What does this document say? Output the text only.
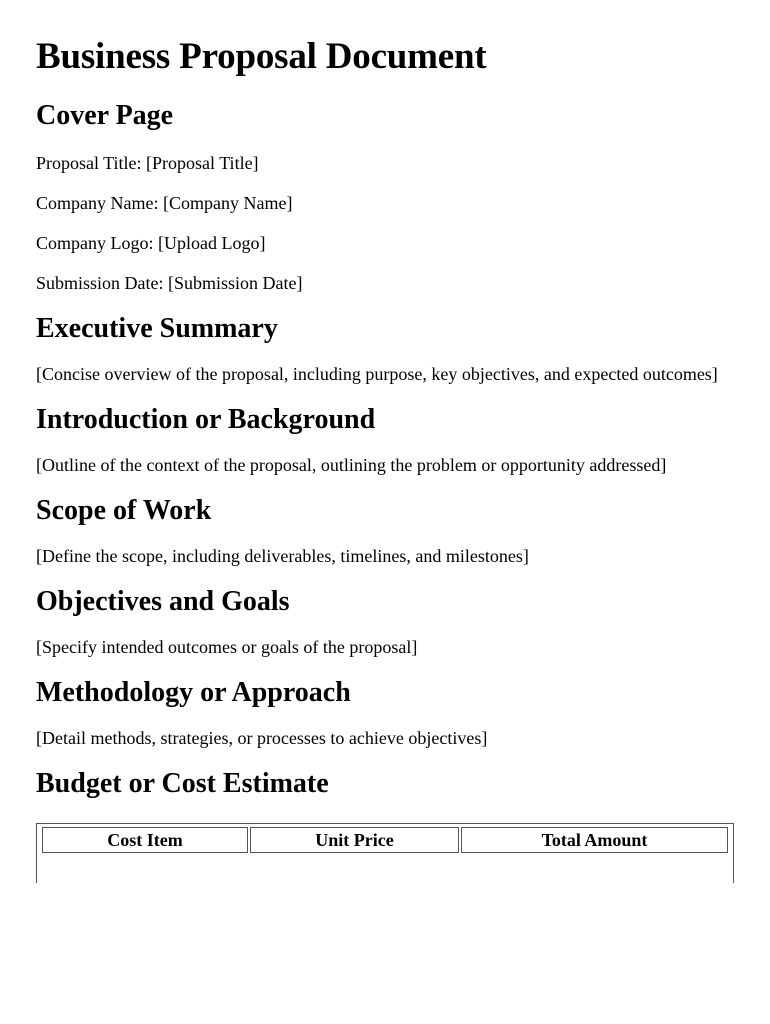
Business Proposal Document
Cover Page

Proposal Title: [Proposal Title]

Company Name: [Company Name]

Company Logo: [Upload Logo]

Submission Date: [Submission Date]

Executive Summary

[Concise overview of the proposal, including purpose, key objectives, and expected outcomes]

Introduction or Background

[Outline of the context of the proposal, outlining the problem or opportunity addressed]

Scope of Work

[Define the scope, including deliverables, timelines, and milestones]

Objectives and Goals

[Specify intended outcomes or goals of the proposal]

Methodology or Approach

[Detail methods, strategies, or processes to achieve objectives]

Budget or Cost Estimate
Cost Item	Unit Price	Total Amount
